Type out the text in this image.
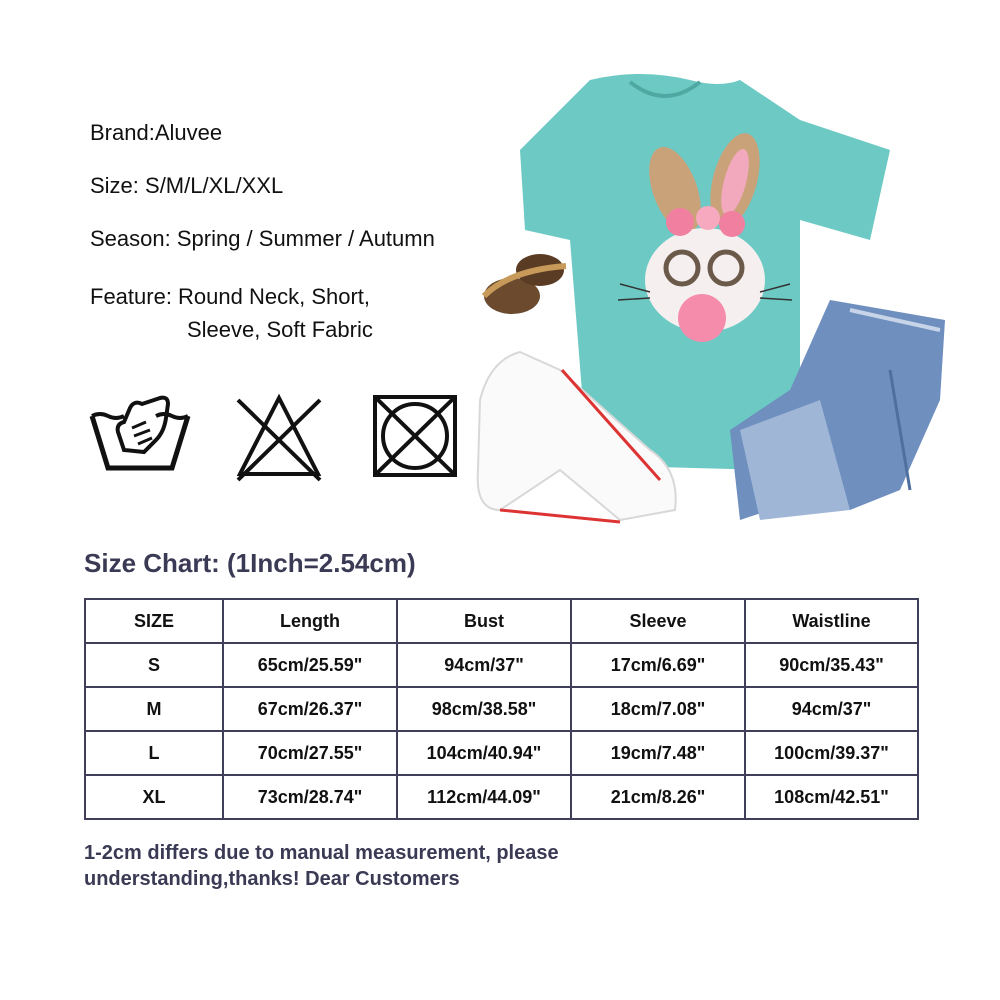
Brand:Aluvee
Size: S/M/L/XL/XXL
Season: Spring / Summer / Autumn
Feature: Round Neck, Short,
Sleeve, Soft Fabric
Size Chart: (1Inch=2.54cm)
SIZE	Length	Bust	Sleeve	Waistline
S	65cm/25.59"	94cm/37"	17cm/6.69"	90cm/35.43"
M	67cm/26.37"	98cm/38.58"	18cm/7.08"	94cm/37"
L	70cm/27.55"	104cm/40.94"	19cm/7.48"	100cm/39.37"
XL	73cm/28.74"	112cm/44.09"	21cm/8.26"	108cm/42.51"
1-2cm differs due to manual measurement, please
understanding,thanks! Dear Customers
